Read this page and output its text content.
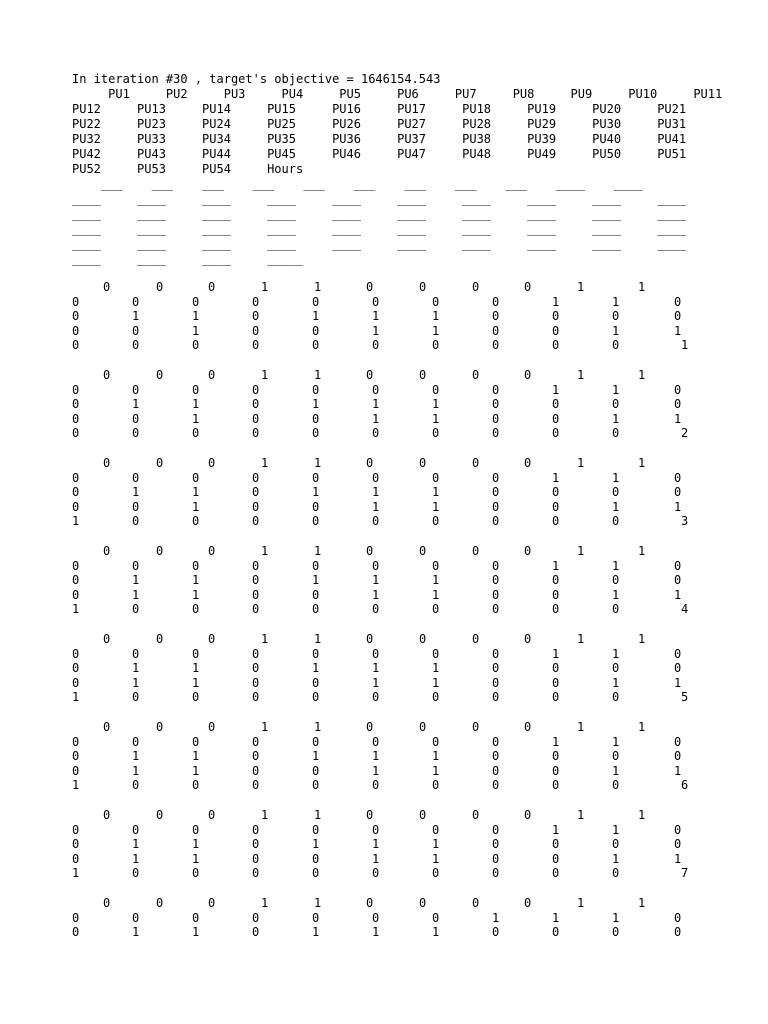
In iteration #30 , target's objective = 1646154.543
PU1     PU2     PU3     PU4     PU5     PU6     PU7     PU8     PU9     PU10     PU11
PU12     PU13     PU14     PU15     PU16     PU17     PU18     PU19     PU20     PU21
PU22     PU23     PU24     PU25     PU26     PU27     PU28     PU29     PU30     PU31
PU32     PU33     PU34     PU35     PU36     PU37     PU38     PU39     PU40     PU41
PU42     PU43     PU44     PU45     PU46     PU47     PU48     PU49     PU50     PU51
PU52     PU53     PU54     Hours
___    ___    ___    ___    ___    ___    ___    ___    ___    ____    ____
____     ____     ____     ____     ____     ____     ____     ____     ____     ____
____     ____     ____     ____     ____     ____     ____     ____     ____     ____
____     ____     ____     ____     ____     ____     ____     ____     ____     ____
____     ____     ____     ____     ____     ____     ____     ____     ____     ____
____     ____     ____     _____
0	0	0	1	1	0	0	0	0	1	1
0	0	0	0	0	0	0	0	1	1	0
0	1	1	0	1	1	1	0	0	0	0
0	0	1	0	0	1	1	0	0	1	1
0	0	0	0	0	0	0	0	0	0	1
0	0	0	1	1	0	0	0	0	1	1
0	0	0	0	0	0	0	0	1	1	0
0	1	1	0	1	1	1	0	0	0	0
0	0	1	0	0	1	1	0	0	1	1
0	0	0	0	0	0	0	0	0	0	2
0	0	0	1	1	0	0	0	0	1	1
0	0	0	0	0	0	0	0	1	1	0
0	1	1	0	1	1	1	0	0	0	0
0	0	1	0	0	1	1	0	0	1	1
1	0	0	0	0	0	0	0	0	0	3
0	0	0	1	1	0	0	0	0	1	1
0	0	0	0	0	0	0	0	1	1	0
0	1	1	0	1	1	1	0	0	0	0
0	1	1	0	0	1	1	0	0	1	1
1	0	0	0	0	0	0	0	0	0	4
0	0	0	1	1	0	0	0	0	1	1
0	0	0	0	0	0	0	0	1	1	0
0	1	1	0	1	1	1	0	0	0	0
0	1	1	0	0	1	1	0	0	1	1
1	0	0	0	0	0	0	0	0	0	5
0	0	0	1	1	0	0	0	0	1	1
0	0	0	0	0	0	0	0	1	1	0
0	1	1	0	1	1	1	0	0	0	0
0	1	1	0	0	1	1	0	0	1	1
1	0	0	0	0	0	0	0	0	0	6
0	0	0	1	1	0	0	0	0	1	1
0	0	0	0	0	0	0	0	1	1	0
0	1	1	0	1	1	1	0	0	0	0
0	1	1	0	0	1	1	0	0	1	1
1	0	0	0	0	0	0	0	0	0	7
0	0	0	1	1	0	0	0	0	1	1
0	0	0	0	0	0	0	1	1	1	0
0	1	1	0	1	1	1	0	0	0	0
